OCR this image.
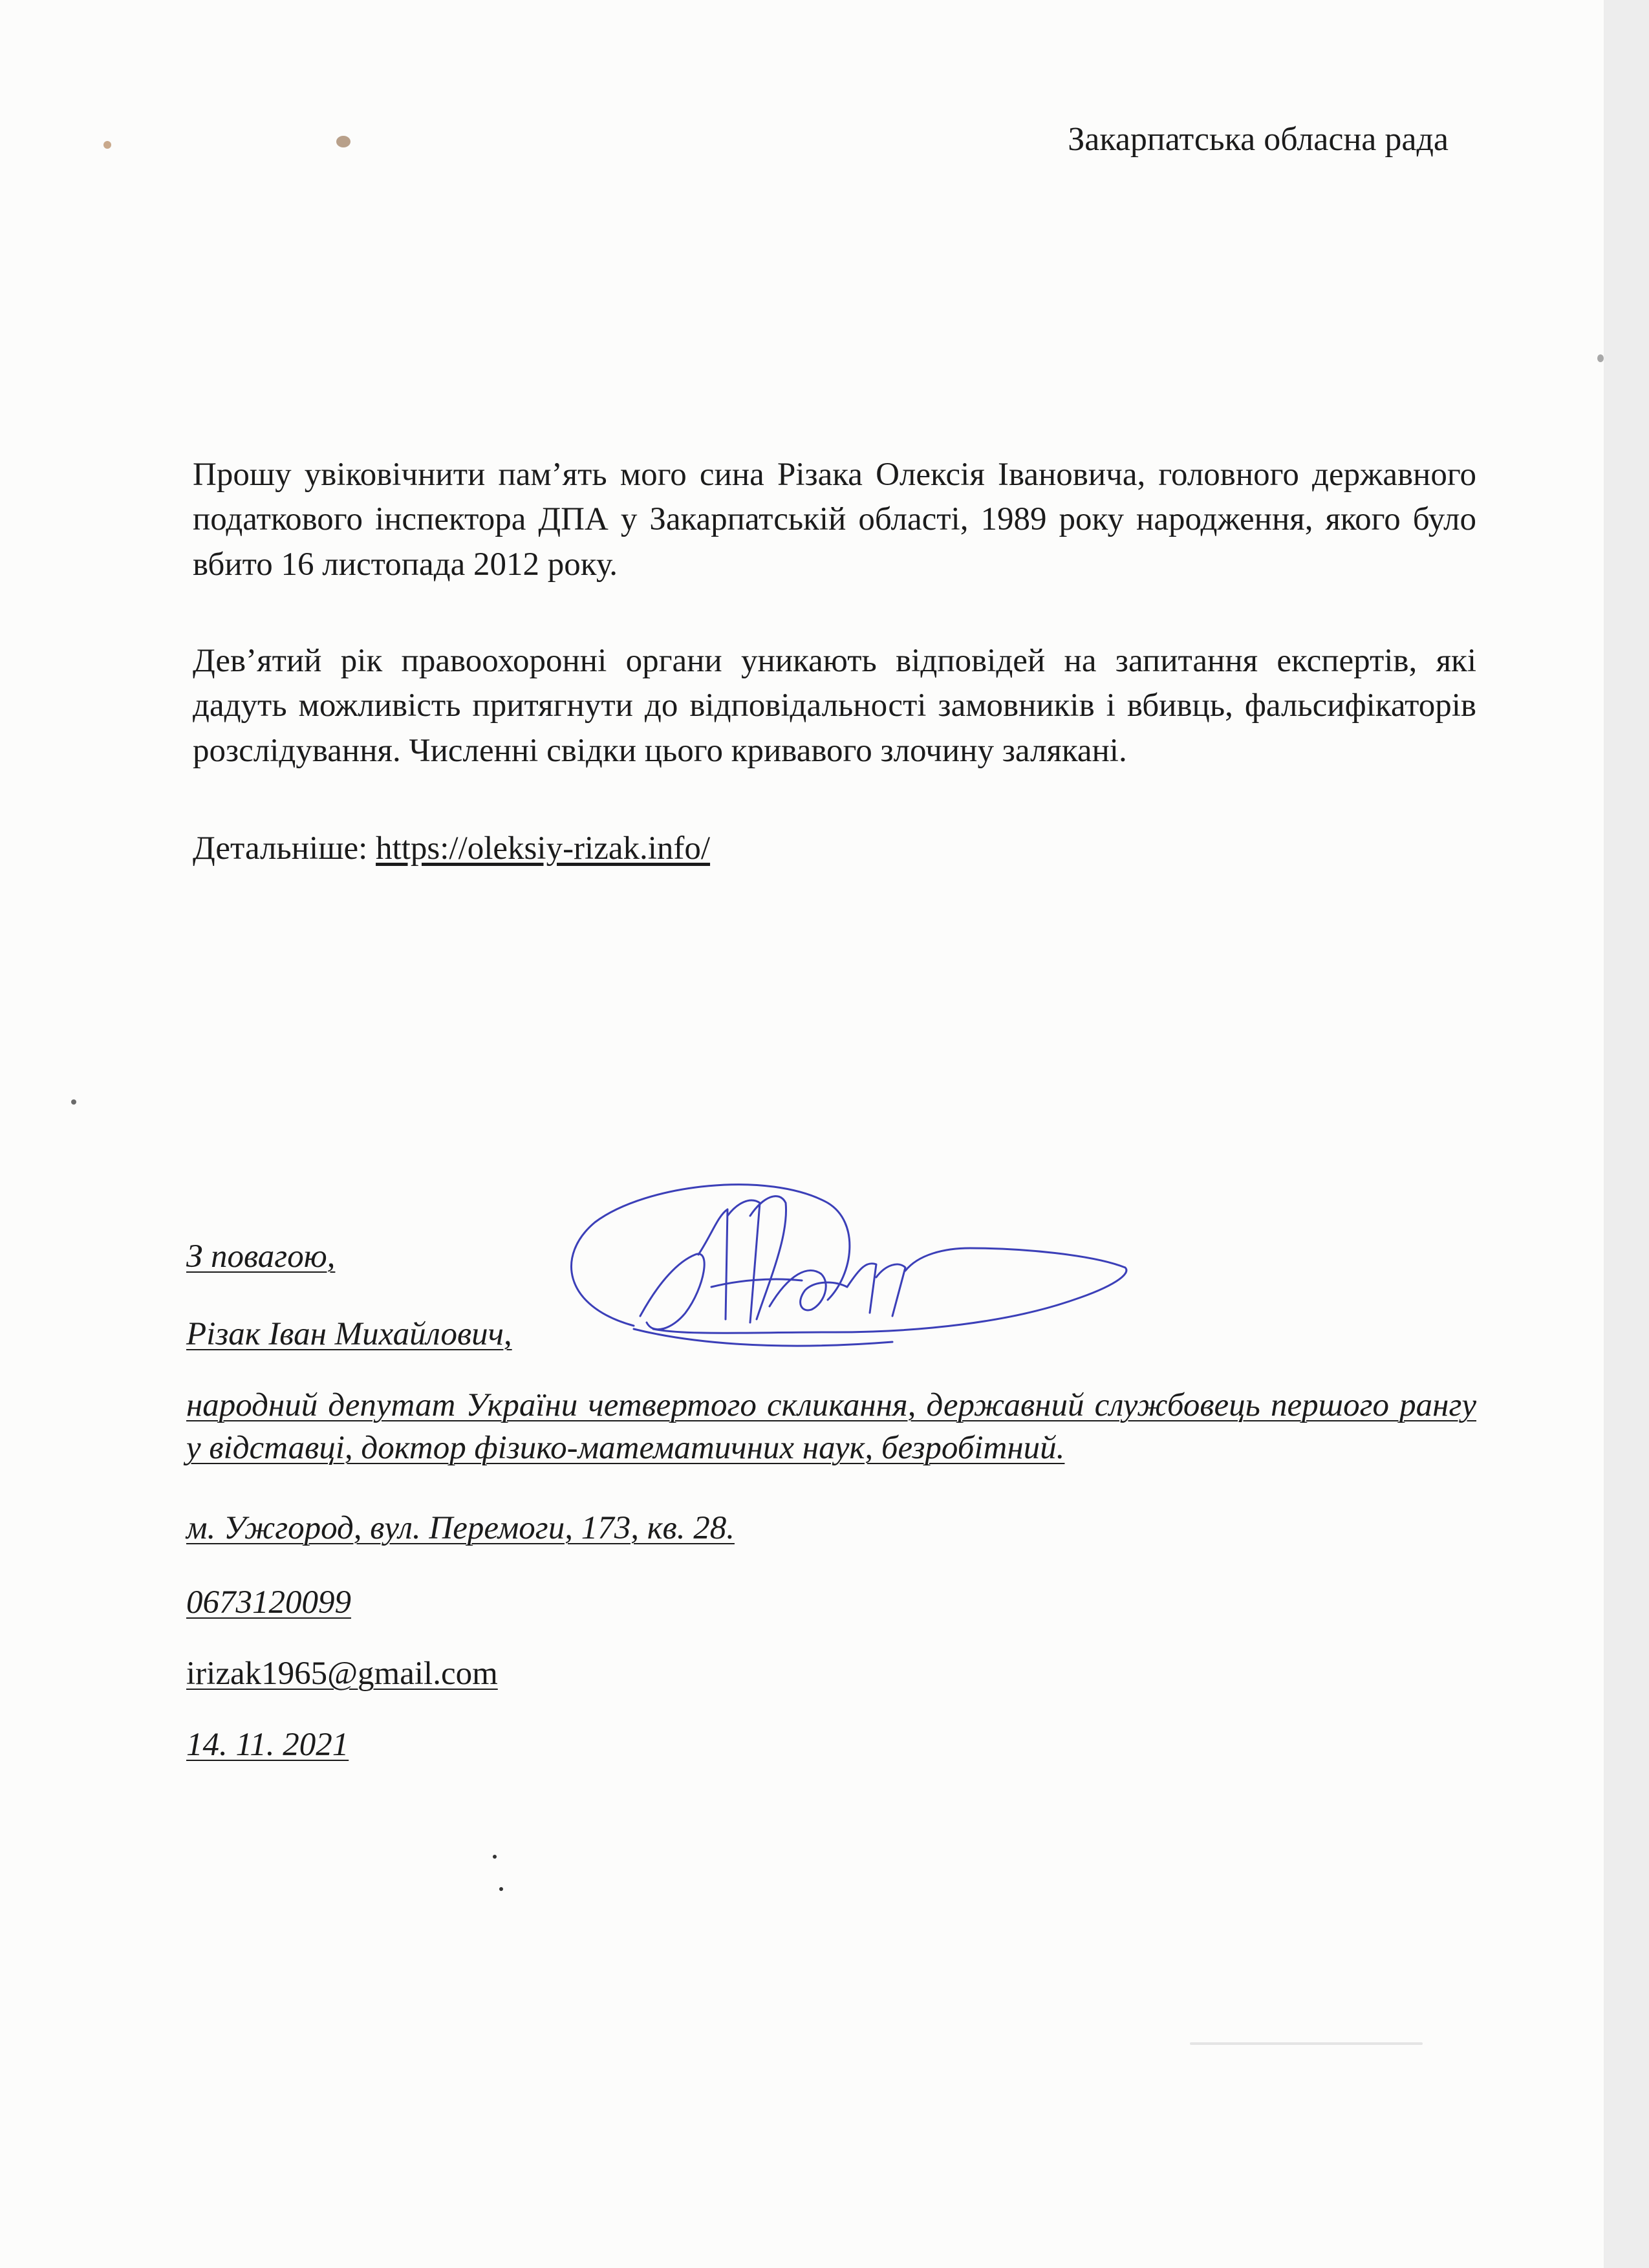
Закарпатська обласна рада
Прошу увіковічнити пам’ять мого сина Різака Олексія Івановича, головного державного податкового інспектора ДПА у Закарпатській області, 1989 року народження, якого було вбито 16 листопада 2012 року.
Дев’ятий рік правоохоронні органи уникають відповідей на запитання експертів, які дадуть можливість притягнути до відповідальності замовників і вбивць, фальсифікаторів розслідування. Численні свідки цього кривавого злочину залякані.
Детальніше: https://oleksiy-rizak.info/
З повагою,
Різак Іван Михайлович,
народний депутат України четвертого скликання, державний службовець першого рангу у відставці, доктор фізико-математичних наук, безробітний.
м. Ужгород, вул. Перемоги, 173, кв. 28.
0673120099
irizak1965@gmail.com
14. 11. 2021
